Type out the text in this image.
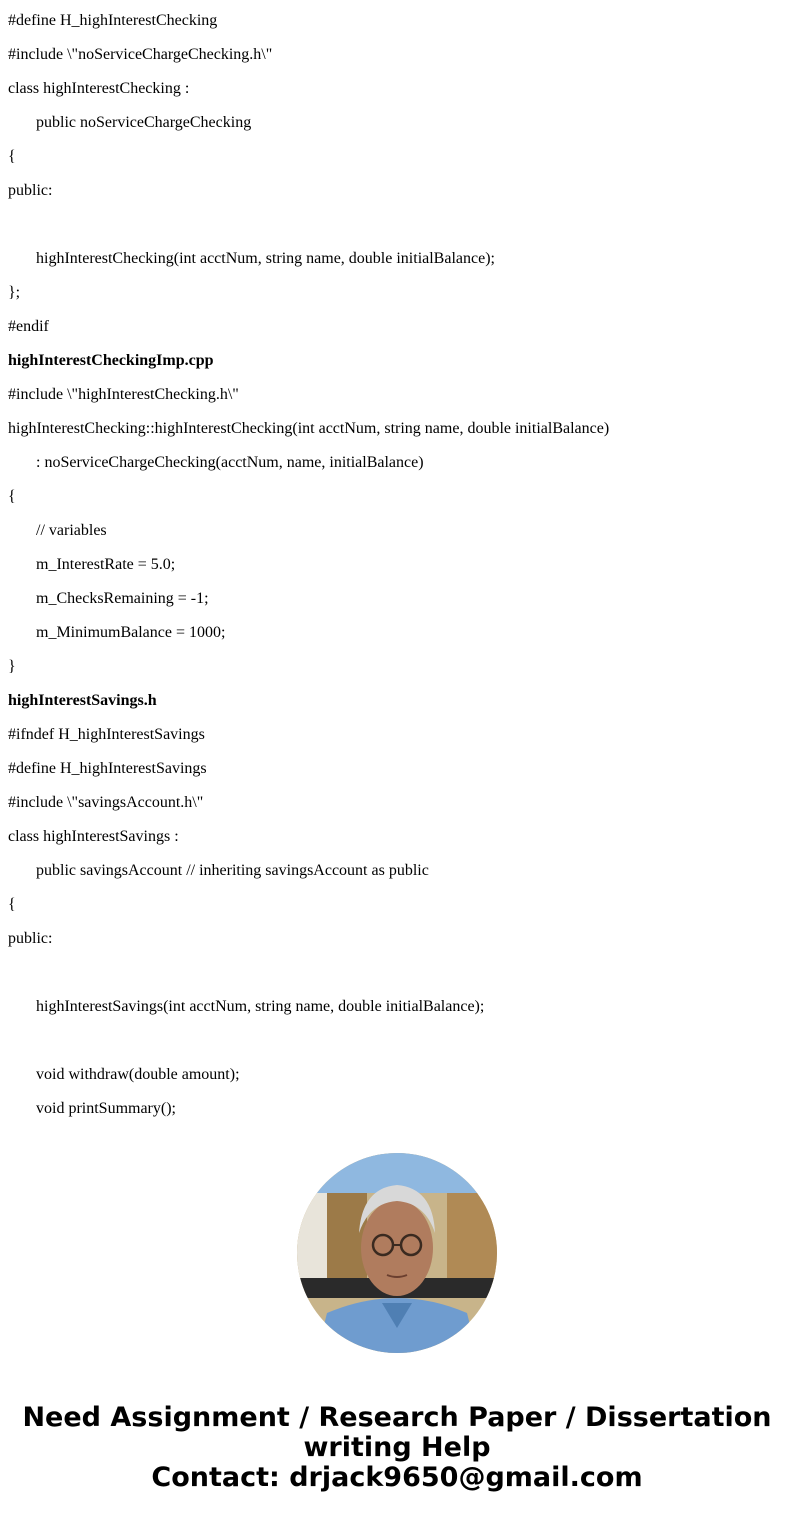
#define H_highInterestChecking
#include \"noServiceChargeChecking.h\"
class highInterestChecking :
public noServiceChargeChecking
{
public:
highInterestChecking(int acctNum, string name, double initialBalance);
};
#endif
highInterestCheckingImp.cpp
#include \"highInterestChecking.h\"
highInterestChecking::highInterestChecking(int acctNum, string name, double initialBalance)
: noServiceChargeChecking(acctNum, name, initialBalance)
{
// variables
m_InterestRate = 5.0;
m_ChecksRemaining = -1;
m_MinimumBalance = 1000;
}
highInterestSavings.h
#ifndef H_highInterestSavings
#define H_highInterestSavings
#include \"savingsAccount.h\"
class highInterestSavings :
public savingsAccount // inheriting savingsAccount as public
{
public:
highInterestSavings(int acctNum, string name, double initialBalance);
void withdraw(double amount);
void printSummary();
Need Assignment / Research Paper / Dissertation
writing Help
Contact: drjack9650@gmail.com
